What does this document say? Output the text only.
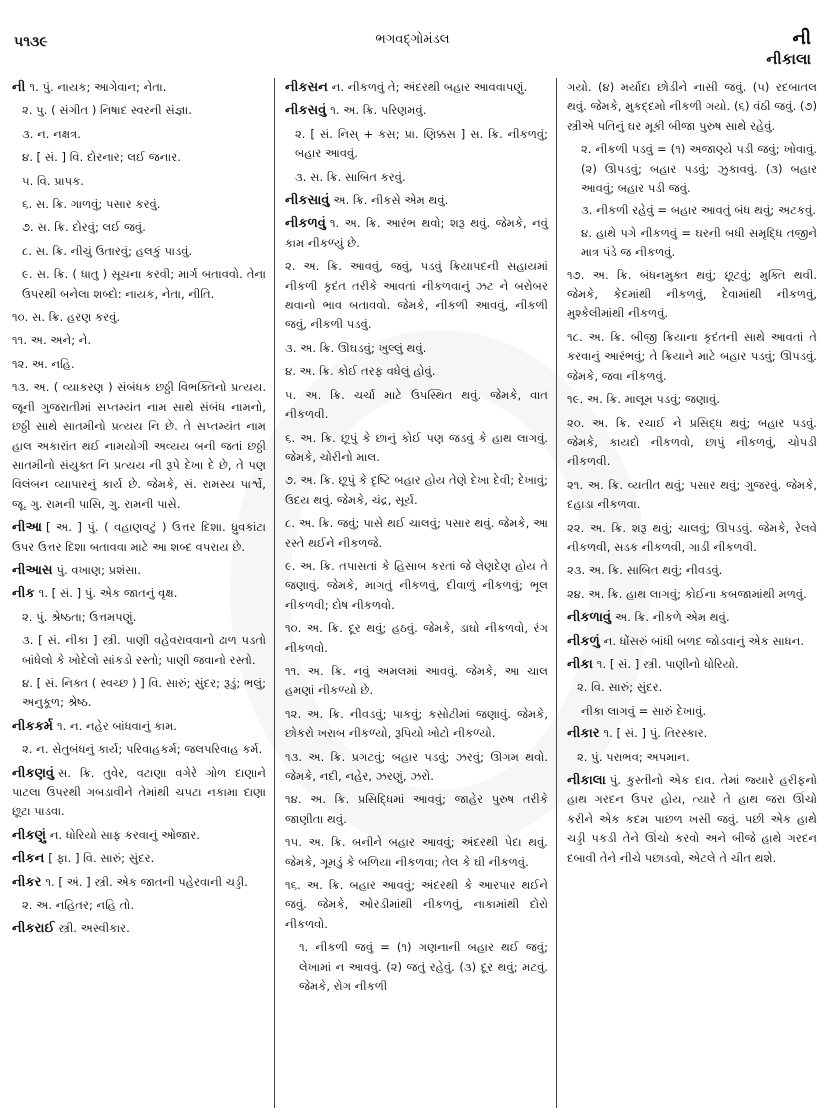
૫૧૩૯	ભગવદ્ગોમંડલ	ની
નીકાલા
ની ૧. પું. નાયક; આગેવાન; નેતા.
૨. પુ. ( સંગીત ) નિષાદ સ્વરની સંજ્ઞા.
૩. ન. નક્ષત્ર.
૪. [ સં. ] વિ. દોરનાર; લઈ જનાર.
૫. વિ. પ્રાપક.
૬. સ. ક્રિ. ગાળવું; પસાર કરવું.
૭. સ. ક્રિ. દોરવું; લઈ જવું.
૮. સ. ક્રિ. નીચું ઉતારવું; હલકું પાડવું.
૯. સ. ક્રિ. ( ધાતુ ) સૂચના કરવી; માર્ગ બતાવવો. તેના ઉપરથી બનેલા શબ્દો: નાયક, નેતા, નીતિ.
૧૦. સ. ક્રિ. હરણ કરવું.
૧૧. અ. અને; ને.
૧૨. અ. નહિ.
૧૩. અ. ( વ્યાકરણ ) સંબંધક છઠ્ઠી વિભક્તિનો પ્રત્યય. જૂની ગુજરાતીમાં સપ્તમ્યંત નામ સાથે સંબંધ નામનો, છઠ્ઠી સાથે સાતમીનો પ્રત્યય નિ છે. તે સપ્તમ્યંત નામ હાલ અકારાંત થઈ નામયોગી અવ્યય બની જતાં છઠ્ઠી સાતમીનો સંયુક્ત નિ પ્રત્યય ની રૂપે દેખા દે છે, તે પણ વિલંબન વ્યાપારનું કાર્ય છે. જેમકે, સં. રામસ્ય પાર્શ્વે, જૂ. ગુ. રામની પાસિ, ગુ. રામની પાસે.
નીઆ [ અ. ] પું. ( વહાણવટું ) ઉત્તર દિશા. ધ્રુવકાંટા ઉપર ઉત્તર દિશા બતાવવા માટે આ શબ્દ વપરાય છે.
નીઆસ પું. વખાણ; પ્રશંસા.
નીક ૧. [ સં. ] પું. એક જાતનું વૃક્ષ.
૨. પું. શ્રેષ્ઠતા; ઉત્તમપણું.
૩. [ સં. નીકા ] સ્ત્રી. પાણી વહેવરાવવાનો ઢાળ પડતો બાંધેલો કે ખોદેલો સાંકડો રસ્તો; પાણી જવાનો રસ્તો.
૪. [ સં. નિક્ત ( સ્વચ્છ ) ] વિ. સારું; સુંદર; રૂડું; ભલું; અનુકૂળ; શ્રેષ્ઠ.
નીકકર્મ ૧. ન. નહેર બાંધવાનું કામ.
૨. ન. સેતુબંધનું કાર્ય; પરિવાહકર્મ; જલપરિવાહ કર્મ.
નીકણવું સ. ક્રિ. તુવેર, વટાણા વગેરે ગોળ દાણાને પાટલા ઉપરથી ગબડાવીને તેમાંથી ચપટા નકામા દાણા છૂટા પાડવા.
નીકણું ન. ધોરિયો સાફ કરવાનું ઓજાર.
નીકન [ ફા. ] વિ. સારું; સુંદર.
નીકર ૧. [ અં. ] સ્ત્રી. એક જાતની પહેરવાની ચડ્ડી.
૨. અ. નહિતર; નહિ તો.
નીકરાઈ સ્ત્રી. અસ્વીકાર.
નીકસન ન. નીકળવું તે; અંદરથી બહાર આવવાપણું.
નીકસવું ૧. અ. ક્રિ. પરિણમવું.
૨. [ સં. નિસ્ + કસ; પ્રા. ણિક્કસ ] સ. ક્રિ. નીકળવું; બહાર આવવું.
૩. સ. ક્રિ. સાબિત કરવું.
નીકસાવું અ. ક્રિ. નીકસે એમ થવું.
નીકળવું ૧. અ. ક્રિ. આરંભ થવો; શરૂ થવું. જેમકે, નવું કામ નીકળ્યું છે.
૨. અ. ક્રિ. આવવું, જવું, પડવું ક્રિયાપદની સહાયમાં નીકળી કૃદંત તરીકે આવતાં નીકળવાનું ઝટ ને બરોબર થવાનો ભાવ બતાવવો. જેમકે, નીકળી આવવું, નીકળી જવું, નીકળી પડવું.
૩. અ. ક્રિ. ઊઘડવું; ખુલ્લું થવું.
૪. અ. ક્રિ. કોઈ તરફ વધેલું હોવું.
૫. અ. ક્રિ. ચર્ચા માટે ઉપસ્થિત થવું. જેમકે, વાત નીકળવી.
૬. અ. ક્રિ. છૂપું કે છાનું કોઈ પણ જડવું કે હાથ લાગવું. જેમકે, ચોરીનો માલ.
૭. અ. ક્રિ. છૂપું કે દૃષ્ટિ બહાર હોય તેણે દેખા દેવી; દેખાવું; ઉદય થવું. જેમકે, ચંદ્ર, સૂર્ય.
૮. અ. ક્રિ. જવું; પાસે થઈ ચાલવું; પસાર થવું. જેમકે, આ રસ્તે થઈને નીકળજે.
૯. અ. ક્રિ. તપાસતાં કે હિસાબ કરતાં જે લેણદેણ હોય તે જણાવું. જેમકે, માગતું નીકળવું, દીવાળું નીકળવું; ભૂલ નીકળવી; દોષ નીકળવો.
૧૦. અ. ક્રિ. દૂર થવું; હઠવું. જેમકે, ડાઘો નીકળવો, રંગ નીકળવો.
૧૧. અ. ક્રિ. નવું અમલમાં આવવું. જેમકે, આ ચાલ હમણાં નીકળ્યો છે.
૧૨. અ. ક્રિ. નીવડવું; પાકવું; કસોટીમાં જણાવું. જેમકે, છોકરો ખરાબ નીકળ્યો, રૂપિયો ખોટો નીકળ્યો.
૧૩. અ. ક્રિ. પ્રગટવું; બહાર પડવું; ઝરવું; ઊગમ થવો. જેમકે, નદી, નહેર, ઝરણું, ઝરો.
૧૪. અ. ક્રિ. પ્રસિદ્ધિમાં આવવું; જાહેર પુરુષ તરીકે જાણીતા થવું.
૧૫. અ. ક્રિ. બનીને બહાર આવવું; અંદરથી પેદા થવું. જેમકે, ગૂમડું કે બળિયા નીકળવા; તેલ કે ઘી નીકળવું.
૧૬. અ. ક્રિ. બહાર આવવું; અંદરથી કે આરપાર થઈને જવું. જેમકે, ઓરડીમાંથી નીકળવું, નાકામાંથી દોરો નીકળવો.
૧. નીકળી જવું = (૧) ગણનાની બહાર થઈ જવું; લેખામાં ન આવવું. (૨) જતું રહેવું. (૩) દૂર થવું; મટવું. જેમકે, રોગ નીકળી
ગયો. (૪) મર્યાદા છોડીને નાસી જવું. (૫) રદબાતલ થવું. જેમકે, મુકદ્દમો નીકળી ગયો. (૬) વંઠી જવું. (૭) સ્ત્રીએ પતિનું ઘર મૂકી બીજા પુરુષ સાથે રહેવું.
૨. નીકળી પડવું = (૧) અજાણ્યે પડી જવું; ખોવાવું. (૨) ઊપડવું; બહાર પડવું; ઝુકાવવું. (૩) બહાર આવવું; બહાર પડી જવું.
૩. નીકળી રહેવું = બહાર આવતું બંધ થવું; અટકવું.
૪. હાથે પગે નીકળવું = ઘરની બધી સમૃદ્ધિ તજીને માત્ર પંડે જ નીકળવું.
૧૭. અ. ક્રિ. બંધનમુક્ત થવું; છૂટવું; મુક્તિ થવી. જેમકે, કેદમાંથી નીકળવું, દેવામાંથી નીકળવું, મુશ્કેલીમાંથી નીકળવું.
૧૮. અ. ક્રિ. બીજી ક્રિયાના કૃદંતની સાથે આવતાં તે કરવાનું આરંભવું; તે ક્રિયાને માટે બહાર પડવું; ઊપડવું. જેમકે, જવા નીકળવું.
૧૯. અ. ક્રિ. માલૂમ પડવું; જણાવું.
૨૦. અ. ક્રિ. રચાઈ ને પ્રસિદ્ધ થવું; બહાર પડવું. જેમકે, કાયદો નીકળવો, છાપું નીકળવું, ચોપડી નીકળવી.
૨૧. અ. ક્રિ. વ્યતીત થવું; પસાર થવું; ગુજરવું. જેમકે, દહાડા નીકળવા.
૨૨. અ. ક્રિ. શરૂ થવું; ચાલવું; ઊપડવું. જેમકે, રેલવે નીકળવી, સડક નીકળવી, ગાડી નીકળવી.
૨૩. અ. ક્રિ. સાબિત થવું; નીવડવું.
૨૪. અ. ક્રિ. હાથ લાગવું; કોઈના કબજામાંથી મળવું.
નીકળાવું અ. ક્રિ. નીકળે એમ થવું.
નીકળું ન. ધોંસરું બાંધી બળદ જોડવાનું એક સાધન.
નીકા ૧. [ સં. ] સ્ત્રી. પાણીનો ધોરિયો.
૨. વિ. સારું; સુંદર.
નીકા લાગવું = સારું દેખાવું.
નીકાર ૧. [ સં. ] પું. તિરસ્કાર.
૨. પું. પરાભવ; અપમાન.
નીકાલા પું. કુસ્તીનો એક દાવ. તેમાં જ્યારે હરીફનો હાથ ગરદન ઉપર હોય, ત્યારે તે હાથ જરા ઊંચો કરીને એક કદમ પાછળ ખસી જવું. પછી એક હાથે ચડ્ડી પકડી તેને ઊંચો કરવો અને બીજે હાથે ગરદન દબાવી તેને નીચે પછાડવો, એટલે તે ચીત થશે.
